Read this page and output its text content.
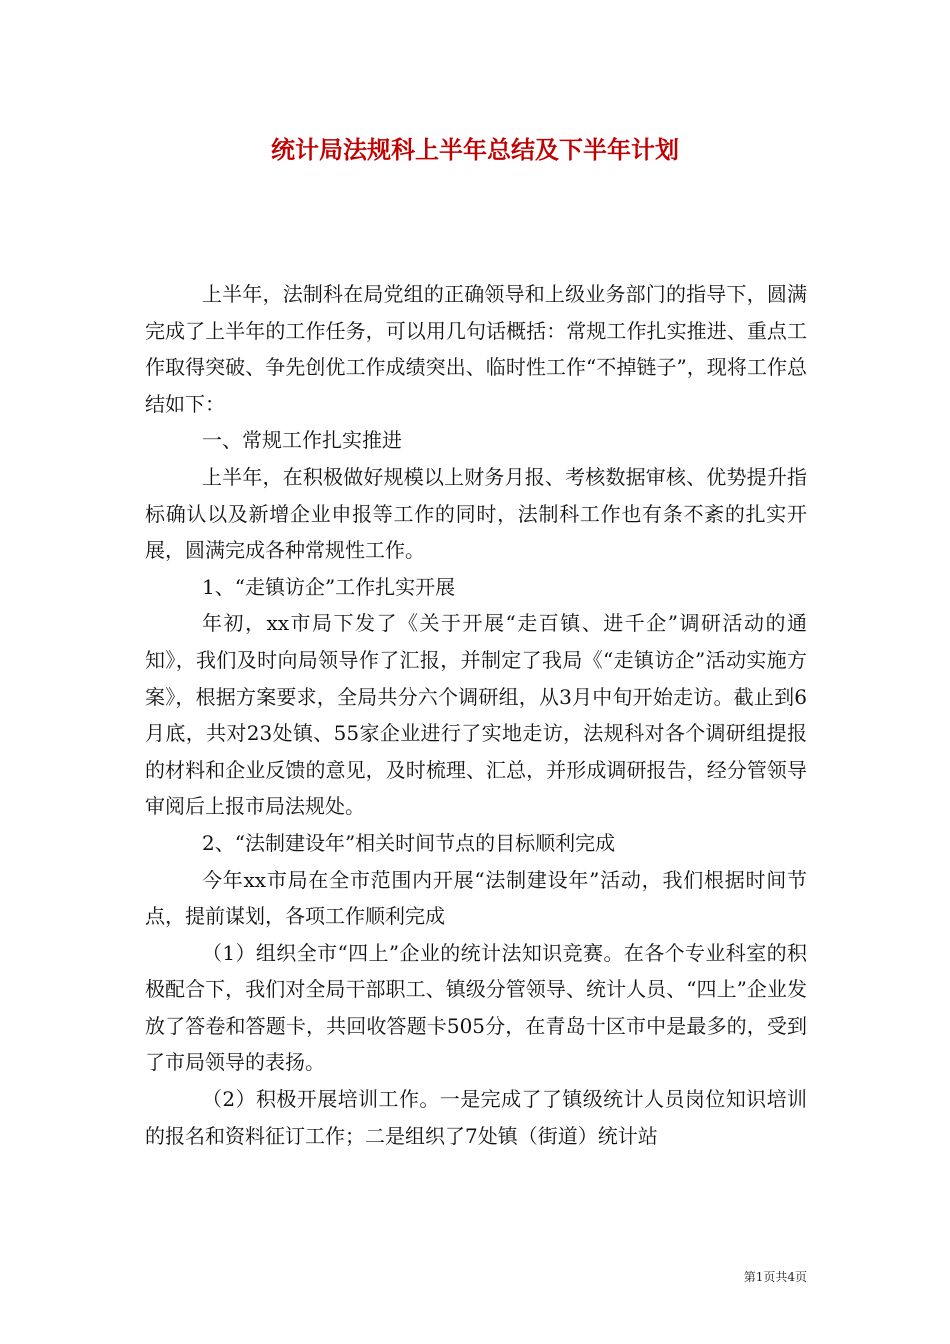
统计局法规科上半年总结及下半年计划

上半年，法制科在局党组的正确领导和上级业务部门的指导下，圆满完成了上半年的工作任务，可以用几句话概括：常规工作扎实推进、重点工作取得突破、争先创优工作成绩突出、临时性工作“不掉链子”，现将工作总结如下：

一、常规工作扎实推进

上半年，在积极做好规模以上财务月报、考核数据审核、优势提升指标确认以及新增企业申报等工作的同时，法制科工作也有条不紊的扎实开展，圆满完成各种常规性工作。

1、“走镇访企”工作扎实开展

年初，xx市局下发了《关于开展“走百镇、进千企”调研活动的通知》，我们及时向局领导作了汇报，并制定了我局《“走镇访企”活动实施方案》，根据方案要求，全局共分六个调研组，从3月中旬开始走访。截止到6月底，共对23处镇、55家企业进行了实地走访，法规科对各个调研组提报的材料和企业反馈的意见，及时梳理、汇总，并形成调研报告，经分管领导审阅后上报市局法规处。

2、“法制建设年”相关时间节点的目标顺利完成

今年xx市局在全市范围内开展“法制建设年”活动，我们根据时间节点，提前谋划，各项工作顺利完成

（1）组织全市“四上”企业的统计法知识竞赛。在各个专业科室的积极配合下，我们对全局干部职工、镇级分管领导、统计人员、“四上”企业发放了答卷和答题卡，共回收答题卡505分，在青岛十区市中是最多的，受到了市局领导的表扬。

（2）积极开展培训工作。一是完成了了镇级统计人员岗位知识培训的报名和资料征订工作；二是组织了7处镇（街道）统计站

第1页共4页
